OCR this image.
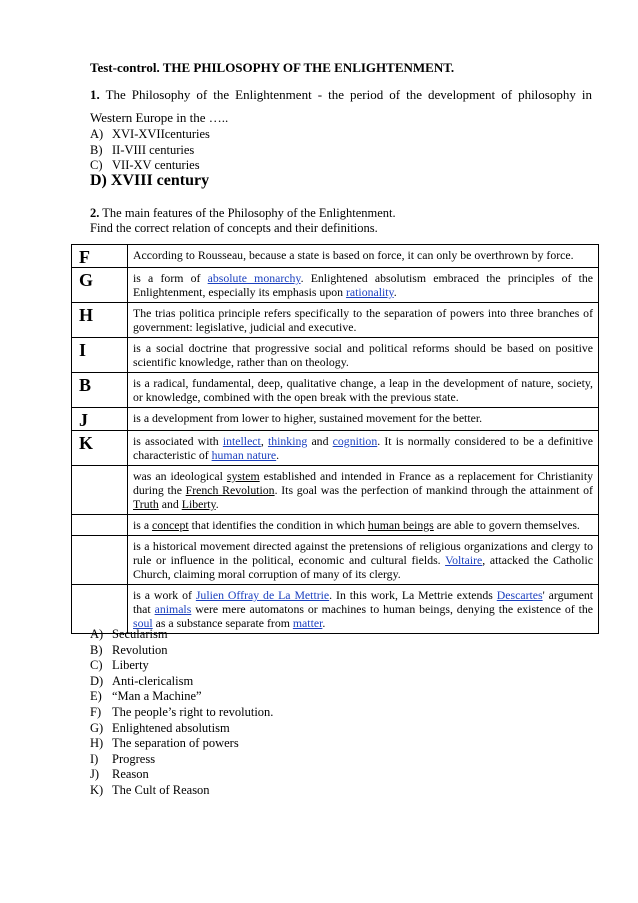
Test-control. THE PHILOSOPHY OF THE ENLIGHTENMENT.
1. The Philosophy of the Enlightenment - the period of the development of philosophy in Western Europe in the …..
A) XVI-XVIIcenturies
B) II-VIII centuries
C) VII-XV centuries
D) XVIII century
2. The main features of the Philosophy of the Enlightenment.
Find the correct relation of concepts and their definitions.
F	According to Rousseau, because a state is based on force, it can only be overthrown by force.
G	is a form of absolute monarchy. Enlightened absolutism embraced the principles of the Enlightenment, especially its emphasis upon rationality.
H	The trias politica principle refers specifically to the separation of powers into three branches of government: legislative, judicial and executive.
I	is a social doctrine that progressive social and political reforms should be based on positive scientific knowledge, rather than on theology.
B	is a radical, fundamental, deep, qualitative change, a leap in the development of nature, society, or knowledge, combined with the open break with the previous state.
J	is a development from lower to higher, sustained movement for the better.
K	is associated with intellect, thinking and cognition. It is normally considered to be a definitive characteristic of human nature.
	was an ideological system established and intended in France as a replacement for Christianity during the French Revolution. Its goal was the perfection of mankind through the attainment of Truth and Liberty.
	is a concept that identifies the condition in which human beings are able to govern themselves.
	is a historical movement directed against the pretensions of religious organizations and clergy to rule or influence in the political, economic and cultural fields. Voltaire, attacked the Catholic Church, claiming moral corruption of many of its clergy.
	is a work of Julien Offray de La Mettrie. In this work, La Mettrie extends Descartes' argument that animals were mere automatons or machines to human beings, denying the existence of the soul as a substance separate from matter.
A) Secularism
B) Revolution
C) Liberty
D) Anti-clericalism
E) “Man a Machine”
F) The people’s right to revolution.
G) Enlightened absolutism
H) The separation of powers
I) Progress
J) Reason
K) The Cult of Reason
